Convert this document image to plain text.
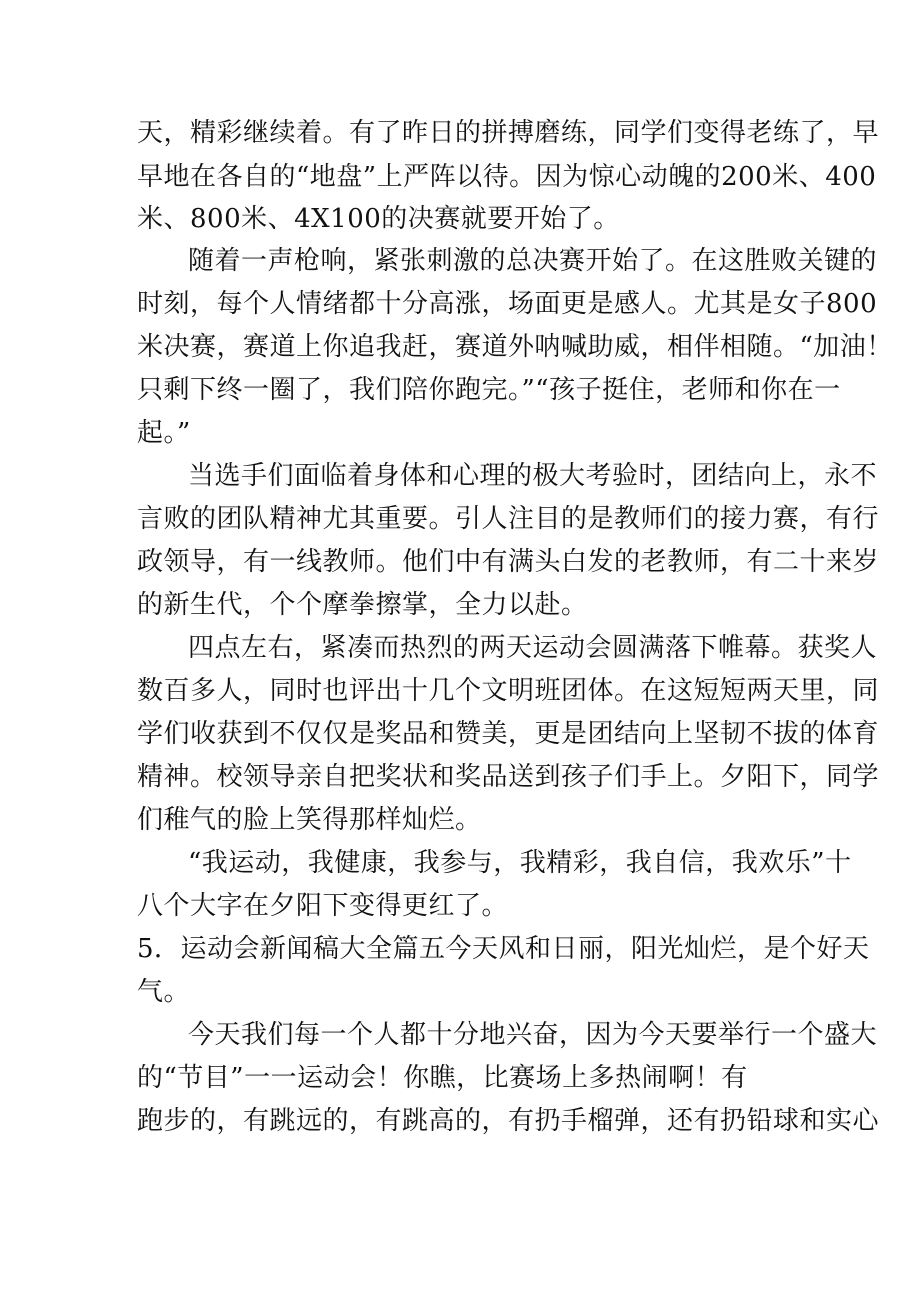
天，精彩继续着。有了昨日的拼搏磨练，同学们变得老练了，早
早地在各自的“地盘”上严阵以待。因为惊心动魄的200米、400
米、800米、4X100的决赛就要开始了。
随着一声枪响，紧张刺激的总决赛开始了。在这胜败关键的
时刻，每个人情绪都十分高涨，场面更是感人。尤其是女子800
米决赛，赛道上你追我赶，赛道外呐喊助威，相伴相随。“加油！
只剩下终一圈了，我们陪你跑完。”“孩子挺住，老师和你在一
起。”
当选手们面临着身体和心理的极大考验时，团结向上，永不
言败的团队精神尤其重要。引人注目的是教师们的接力赛，有行
政领导，有一线教师。他们中有满头白发的老教师，有二十来岁
的新生代，个个摩拳擦掌，全力以赴。
四点左右，紧凑而热烈的两天运动会圆满落下帷幕。获奖人
数百多人，同时也评出十几个文明班团体。在这短短两天里，同
学们收获到不仅仅是奖品和赞美，更是团结向上坚韧不拔的体育
精神。校领导亲自把奖状和奖品送到孩子们手上。夕阳下，同学
们稚气的脸上笑得那样灿烂。
“我运动，我健康，我参与，我精彩，我自信，我欢乐”十
八个大字在夕阳下变得更红了。
5．运动会新闻稿大全篇五今天风和日丽，阳光灿烂，是个好天
气。
今天我们每一个人都十分地兴奋，因为今天要举行一个盛大
的“节目”一一运动会！你瞧，比赛场上多热闹啊！有
跑步的，有跳远的，有跳高的，有扔手榴弹，还有扔铅球和实心
